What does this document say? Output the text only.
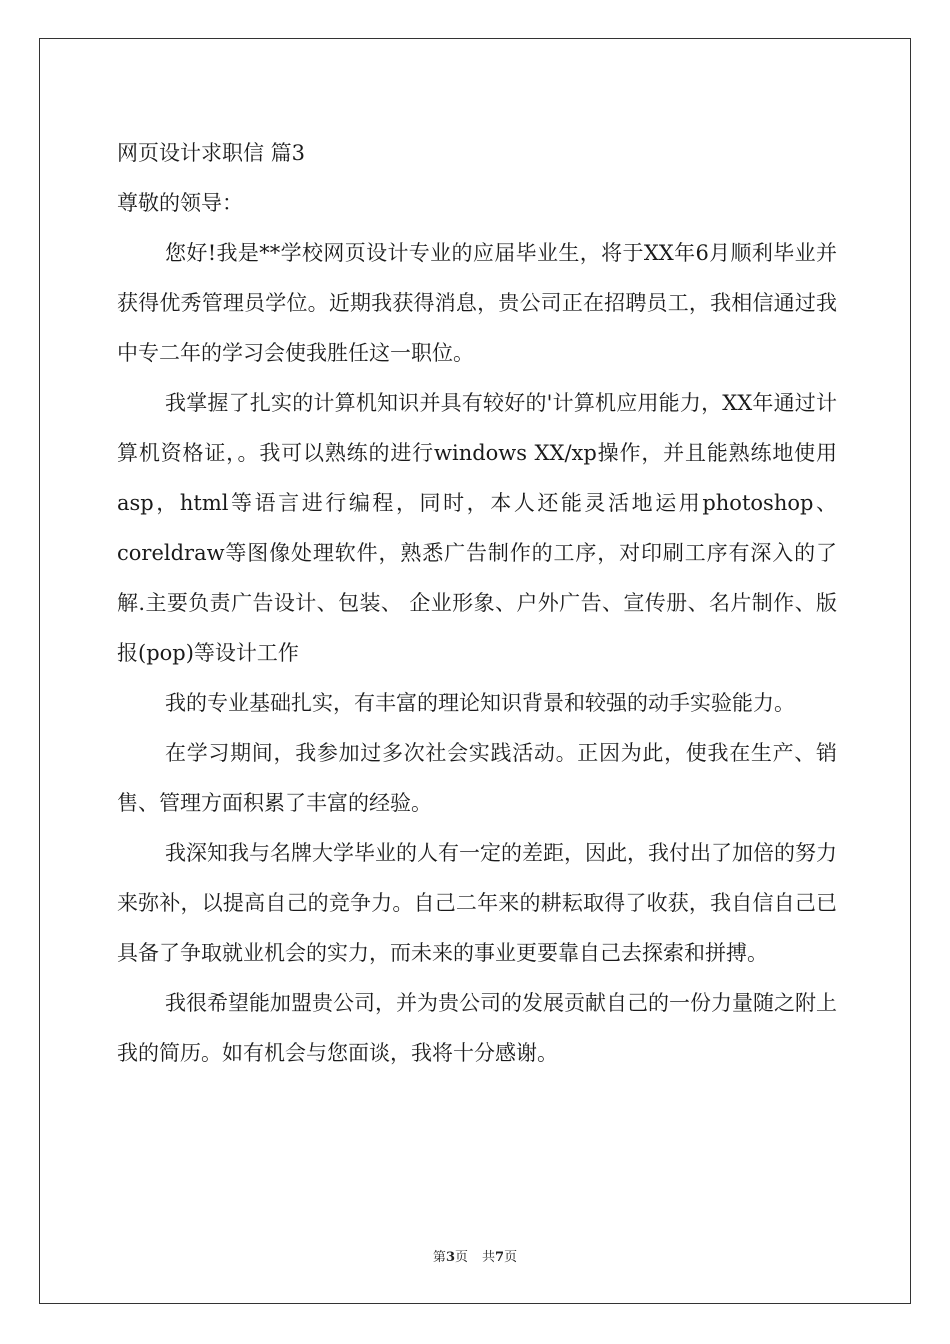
网页设计求职信 篇3

尊敬的领导：

您好!我是**学校网页设计专业的应届毕业生，将于XX年6月顺利毕业并获得优秀管理员学位。近期我获得消息，贵公司正在招聘员工，我相信通过我中专二年的学习会使我胜任这一职位。

我掌握了扎实的计算机知识并具有较好的'计算机应用能力，XX年通过计算机资格证，。我可以熟练的进行windows XX/xp操作，并且能熟练地使用asp，html等语言进行编程，同时，本人还能灵活地运用photoshop、coreldraw等图像处理软件，熟悉广告制作的工序，对印刷工序有深入的了解.主要负责广告设计、包装、 企业形象、户外广告、宣传册、名片制作、版报(pop)等设计工作

我的专业基础扎实，有丰富的理论知识背景和较强的动手实验能力。

在学习期间，我参加过多次社会实践活动。正因为此，使我在生产、销售、管理方面积累了丰富的经验。

我深知我与名牌大学毕业的人有一定的差距，因此，我付出了加倍的努力来弥补，以提高自己的竞争力。自己二年来的耕耘取得了收获，我自信自己已具备了争取就业机会的实力，而未来的事业更要靠自己去探索和拼搏。

我很希望能加盟贵公司，并为贵公司的发展贡献自己的一份力量随之附上我的简历。如有机会与您面谈，我将十分感谢。

第3页 共7页
